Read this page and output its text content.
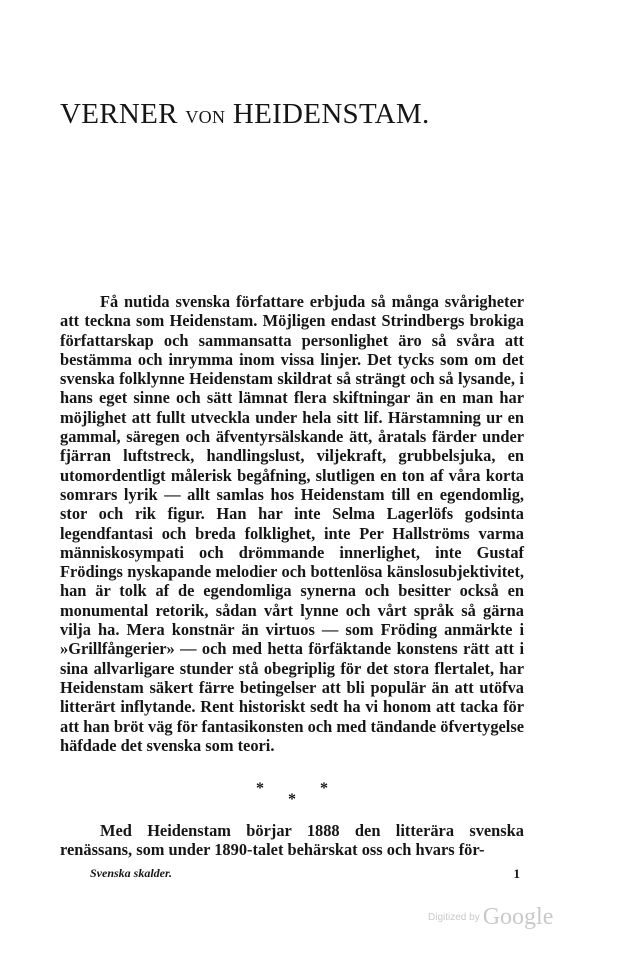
VERNER VON HEIDENSTAM.

Få nutida svenska författare erbjuda så många svårigheter att teckna som Heidenstam. Möjligen endast Strindbergs brokiga författarskap och sammansatta personlighet äro så svåra att bestämma och inrymma inom vissa linjer. Det tycks som om det svenska folklynne Heidenstam skildrat så strängt och så lysande, i hans eget sinne och sätt lämnat flera skiftningar än en man har möjlighet att fullt utveckla under hela sitt lif. Härstamning ur en gammal, säregen och äfventyrsälskande ätt, åratals färder under fjärran luftstreck, handlingslust, viljekraft, grubbelsjuka, en utomordentligt målerisk begåfning, slutligen en ton af våra korta somrars lyrik — allt samlas hos Heidenstam till en egendomlig, stor och rik figur. Han har inte Selma Lagerlöfs godsinta legendfantasi och breda folklighet, inte Per Hallströms varma människosympati och drömmande innerlighet, inte Gustaf Frödings nyskapande melodier och bottenlösa känslosubjektivitet, han är tolk af de egendomliga synerna och besitter också en monumental retorik, sådan vårt lynne och vårt språk så gärna vilja ha. Mera konstnär än virtuos — som Fröding anmärkte i »Grillfångerier» — och med hetta förfäktande konstens rätt att i sina allvarligare stunder stå obegriplig för det stora flertalet, har Heidenstam säkert färre betingelser att bli populär än att utöfva litterärt inflytande. Rent historiskt sedt ha vi honom att tacka för att han bröt väg för fantasikonsten och med tändande öfvertygelse häfdade det svenska som teori.

*
*
*

Med Heidenstam börjar 1888 den litterära svenska renässans, som under 1890-talet behärskat oss och hvars för-

Svenska skalder.	1
Digitized by Google
